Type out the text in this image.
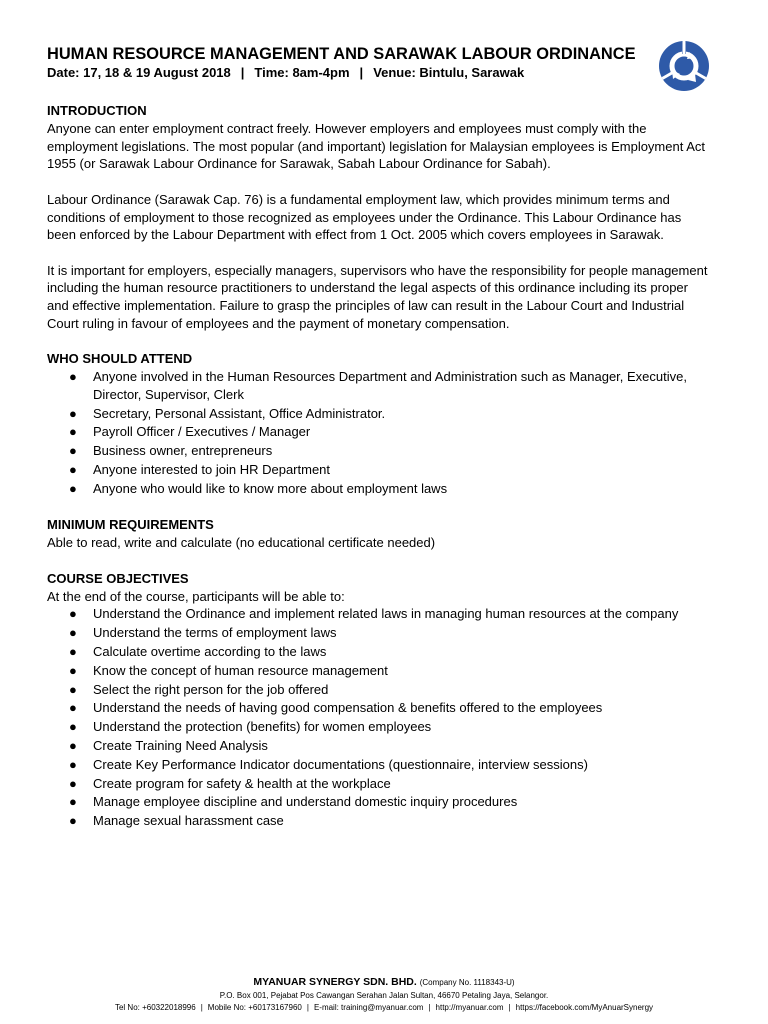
HUMAN RESOURCE MANAGEMENT AND SARAWAK LABOUR ORDINANCE
Date: 17, 18 & 19 August 2018 | Time: 8am-4pm | Venue: Bintulu, Sarawak
INTRODUCTION

Anyone can enter employment contract freely. However employers and employees must comply with the employment legislations. The most popular (and important) legislation for Malaysian employees is Employment Act 1955 (or Sarawak Labour Ordinance for Sarawak, Sabah Labour Ordinance for Sabah).

Labour Ordinance (Sarawak Cap. 76) is a fundamental employment law, which provides minimum terms and conditions of employment to those recognized as employees under the Ordinance. This Labour Ordinance has been enforced by the Labour Department with effect from 1 Oct. 2005 which covers employees in Sarawak.

It is important for employers, especially managers, supervisors who have the responsibility for people management including the human resource practitioners to understand the legal aspects of this ordinance including its proper and effective implementation. Failure to grasp the principles of law can result in the Labour Court and Industrial Court ruling in favour of employees and the payment of monetary compensation.

WHO SHOULD ATTEND
● Anyone involved in the Human Resources Department and Administration such as Manager, Executive, Director, Supervisor, Clerk
● Secretary, Personal Assistant, Office Administrator.
● Payroll Officer / Executives / Manager
● Business owner, entrepreneurs
● Anyone interested to join HR Department
● Anyone who would like to know more about employment laws
MINIMUM REQUIREMENTS

Able to read, write and calculate (no educational certificate needed)

COURSE OBJECTIVES

At the end of the course, participants will be able to:

● Understand the Ordinance and implement related laws in managing human resources at the company
● Understand the terms of employment laws
● Calculate overtime according to the laws
● Know the concept of human resource management
● Select the right person for the job offered
● Understand the needs of having good compensation & benefits offered to the employees
● Understand the protection (benefits) for women employees
● Create Training Need Analysis
● Create Key Performance Indicator documentations (questionnaire, interview sessions)
● Create program for safety & health at the workplace
● Manage employee discipline and understand domestic inquiry procedures
● Manage sexual harassment case
MYANUAR SYNERGY SDN. BHD. (Company No. 1118343-U)
P.O. Box 001, Pejabat Pos Cawangan Serahan Jalan Sultan, 46670 Petaling Jaya, Selangor.
Tel No: +60322018996 | Mobile No: +60173167960 | E-mail: training@myanuar.com | http://myanuar.com | https://facebook.com/MyAnuarSynergy
